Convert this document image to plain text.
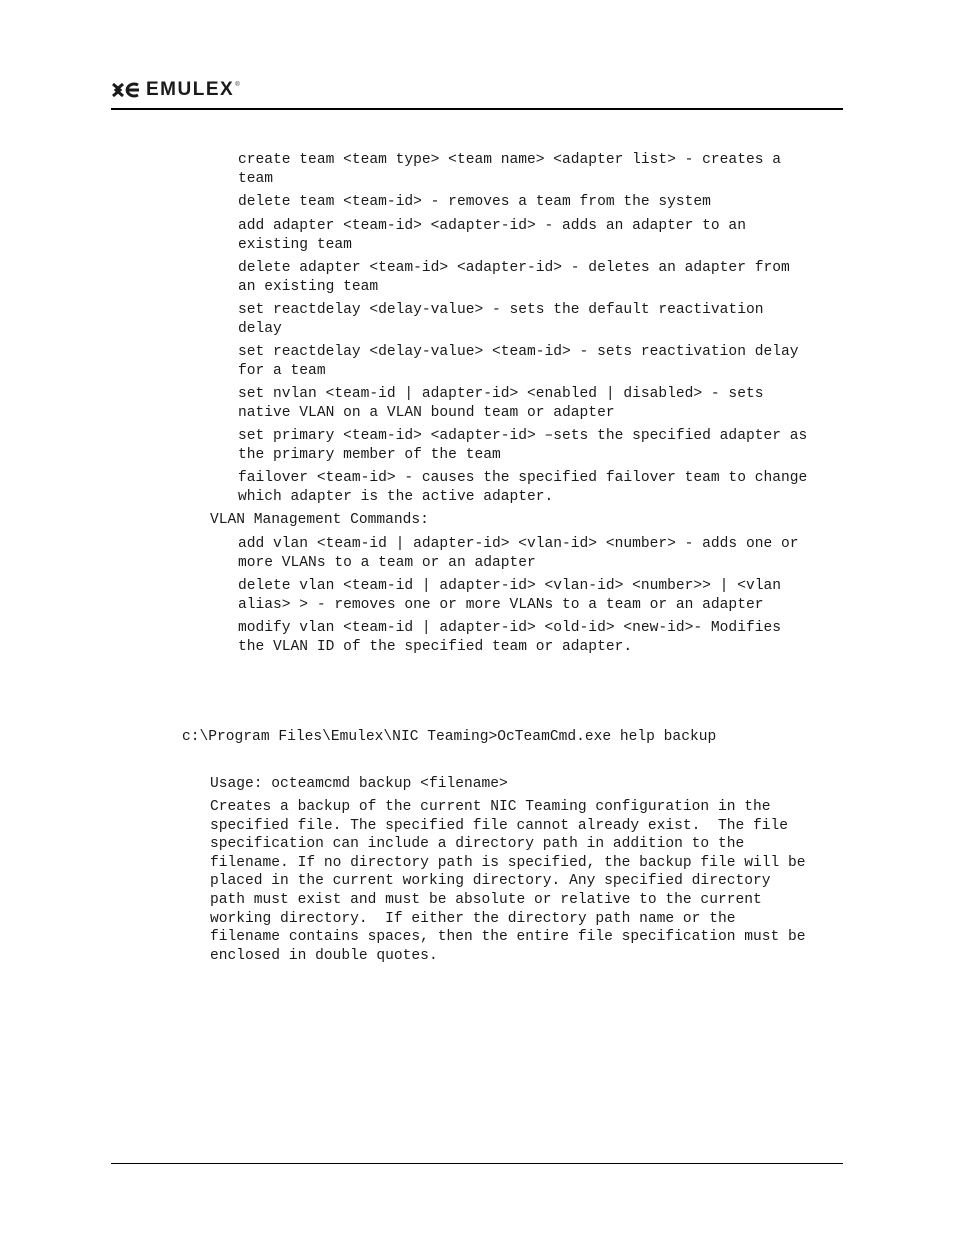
EMULEX ®

create team <team type> <team name> <adapter list> - creates a
team

delete team <team-id> - removes a team from the system

add adapter <team-id> <adapter-id> - adds an adapter to an
existing team

delete adapter <team-id> <adapter-id> - deletes an adapter from
an existing team

set reactdelay <delay-value> - sets the default reactivation
delay

set reactdelay <delay-value> <team-id> - sets reactivation delay
for a team

set nvlan <team-id | adapter-id> <enabled | disabled> - sets
native VLAN on a VLAN bound team or adapter

set primary <team-id> <adapter-id> –sets the specified adapter as
the primary member of the team

failover <team-id> - causes the specified failover team to change
which adapter is the active adapter.

VLAN Management Commands:

add vlan <team-id | adapter-id> <vlan-id> <number> - adds one or
more VLANs to a team or an adapter

delete vlan <team-id | adapter-id> <vlan-id> <number>> | <vlan
alias> > - removes one or more VLANs to a team or an adapter

modify vlan <team-id | adapter-id> <old-id> <new-id>- Modifies
the VLAN ID of the specified team or adapter.

c:\Program Files\Emulex\NIC Teaming>OcTeamCmd.exe help backup

Usage: octeamcmd backup <filename>

Creates a backup of the current NIC Teaming configuration in the
specified file. The specified file cannot already exist.  The file
specification can include a directory path in addition to the
filename. If no directory path is specified, the backup file will be
placed in the current working directory. Any specified directory
path must exist and must be absolute or relative to the current
working directory.  If either the directory path name or the
filename contains spaces, then the entire file specification must be
enclosed in double quotes.
